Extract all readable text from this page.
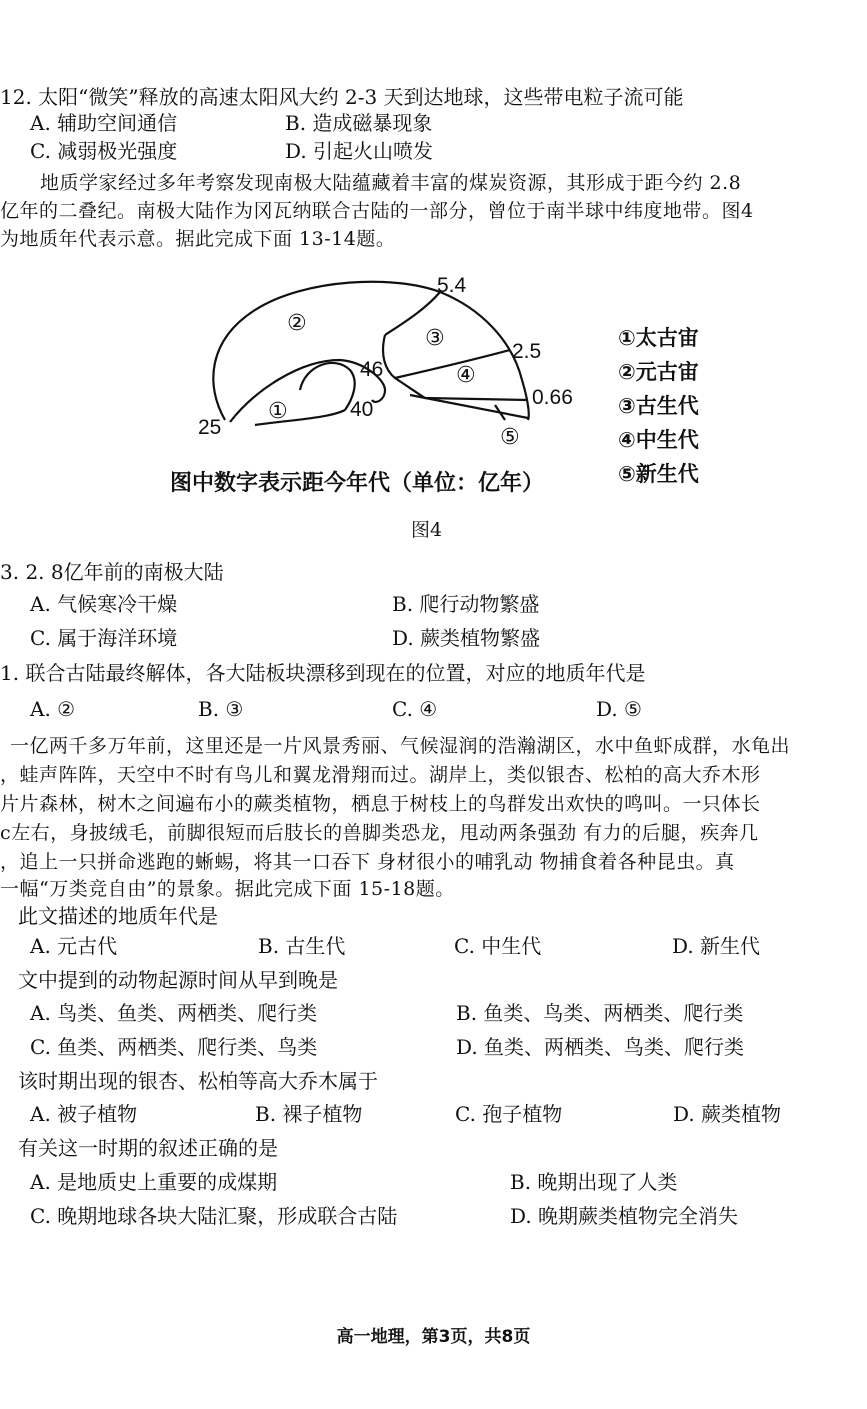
12. 太阳“微笑”释放的高速太阳风大约 2-3 天到达地球，这些带电粒子流可能
A. 辅助空间通信	B. 造成磁暴现象
C. 减弱极光强度	D. 引起火山喷发
地质学家经过多年考察发现南极大陆蕴藏着丰富的煤炭资源，其形成于距今约 2.8
亿年的二叠纪。南极大陆作为冈瓦纳联合古陆的一部分，曾位于南半球中纬度地带。图4
为地质年代表示意。据此完成下面 13-14题。
5.4
2.5
0.66
46
40
25
①
②
③
④
⑤
①太古宙
②元古宙
③古生代
④中生代
⑤新生代
图中数字表示距今年代（单位：亿年）
图4
3. 2. 8亿年前的南极大陆
A. 气候寒冷干燥	B. 爬行动物繁盛
C. 属于海洋环境	D. 蕨类植物繁盛
1. 联合古陆最终解体，各大陆板块漂移到现在的位置，对应的地质年代是
A. ②	B. ③	C. ④	D. ⑤
一亿两千多万年前，这里还是一片风景秀丽、气候湿润的浩瀚湖区，水中鱼虾成群，水龟出
，蛙声阵阵，天空中不时有鸟儿和翼龙滑翔而过。湖岸上，类似银杏、松柏的高大乔木形
片片森林，树木之间遍布小的蕨类植物，栖息于树枝上的鸟群发出欢快的鸣叫。一只体长
c左右，身披绒毛，前脚很短而后肢长的兽脚类恐龙，甩动两条强劲 有力的后腿，疾奔几
，追上一只拼命逃跑的蜥蜴，将其一口吞下 身材很小的哺乳动 物捕食着各种昆虫。真
一幅“万类竞自由”的景象。据此完成下面 15-18题。
此文描述的地质年代是
A. 元古代	B. 古生代	C. 中生代	D. 新生代
文中提到的动物起源时间从早到晚是
A. 鸟类、鱼类、两栖类、爬行类	B. 鱼类、鸟类、两栖类、爬行类
C. 鱼类、两栖类、爬行类、鸟类	D. 鱼类、两栖类、鸟类、爬行类
该时期出现的银杏、松柏等高大乔木属于
A. 被子植物	B. 裸子植物	C. 孢子植物	D. 蕨类植物
有关这一时期的叙述正确的是
A. 是地质史上重要的成煤期	B. 晚期出现了人类
C. 晚期地球各块大陆汇聚，形成联合古陆	D. 晚期蕨类植物完全消失
高一地理，第3页，共8页
